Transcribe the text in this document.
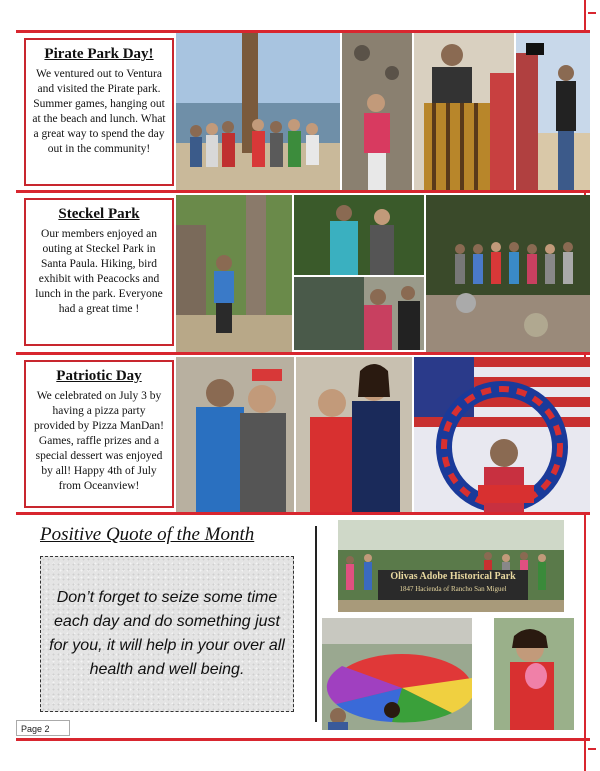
Pirate Park Day!

We ventured out to Ventura and visited the Pirate park. Summer games, hanging out at the beach and lunch. What a great way to spend the day out in the community!

Steckel Park

Our members enjoyed an outing at Steckel Park in Santa Paula. Hiking, bird exhibit with Peacocks and lunch in the park. Everyone had a great time !

Patriotic Day

We celebrated on July 3 by having a pizza party provided by Pizza ManDan! Games, raffle prizes and a special dessert was enjoyed by all! Happy 4th of July from Oceanview!

Positive Quote of the Month

Don’t forget to seize some time each day and do something just for you, it will help in your over all health and well being.

Olivas Adobe Historical Park
1847 Hacienda of Rancho San Miguel
Page 2
